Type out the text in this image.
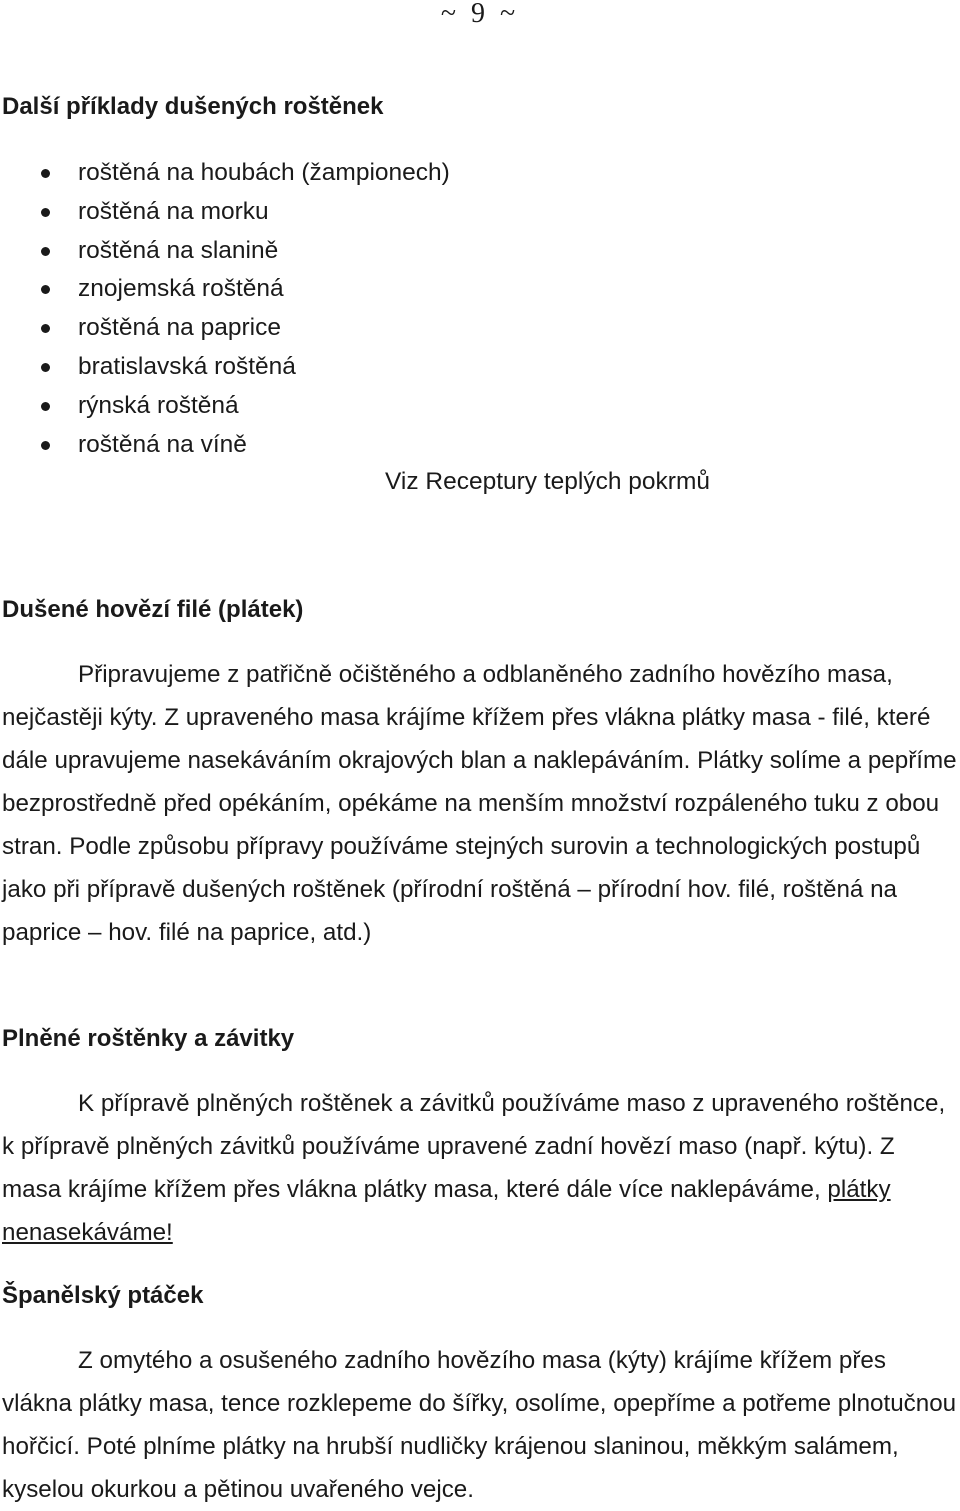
~ 9 ~
Další příklady dušených roštěnek
roštěná na houbách (žampionech)
roštěná na morku
roštěná na slanině
znojemská roštěná
roštěná na paprice
bratislavská roštěná
rýnská roštěná
roštěná na víně
Viz Receptury teplých pokrmů
Dušené hovězí filé (plátek)

Připravujeme z patřičně očištěného a odblaněného zadního hovězího masa, nejčastěji kýty. Z upraveného masa krájíme křížem přes vlákna plátky masa - filé, které dále upravujeme nasekáváním okrajových blan a naklepáváním. Plátky solíme a pepříme bezprostředně před opékáním, opékáme na menším množství rozpáleného tuku z obou stran. Podle způsobu přípravy používáme stejných surovin a technologických postupů jako při přípravě dušených roštěnek (přírodní roštěná – přírodní hov. filé, roštěná na paprice – hov. filé na paprice, atd.)

Plněné roštěnky a závitky

K přípravě plněných roštěnek a závitků používáme maso z upraveného roštěnce, k přípravě plněných závitků používáme upravené zadní hovězí maso (např. kýtu). Z masa krájíme křížem přes vlákna plátky masa, které dále více naklepáváme, plátky nenasekáváme!

Španělský ptáček

Z omytého a osušeného zadního hovězího masa (kýty) krájíme křížem přes vlákna plátky masa, tence rozklepeme do šířky, osolíme, opepříme a potřeme plnotučnou hořčicí. Poté plníme plátky na hrubší nudličky krájenou slaninou, měkkým salámem, kyselou okurkou a pětinou uvařeného vejce.
